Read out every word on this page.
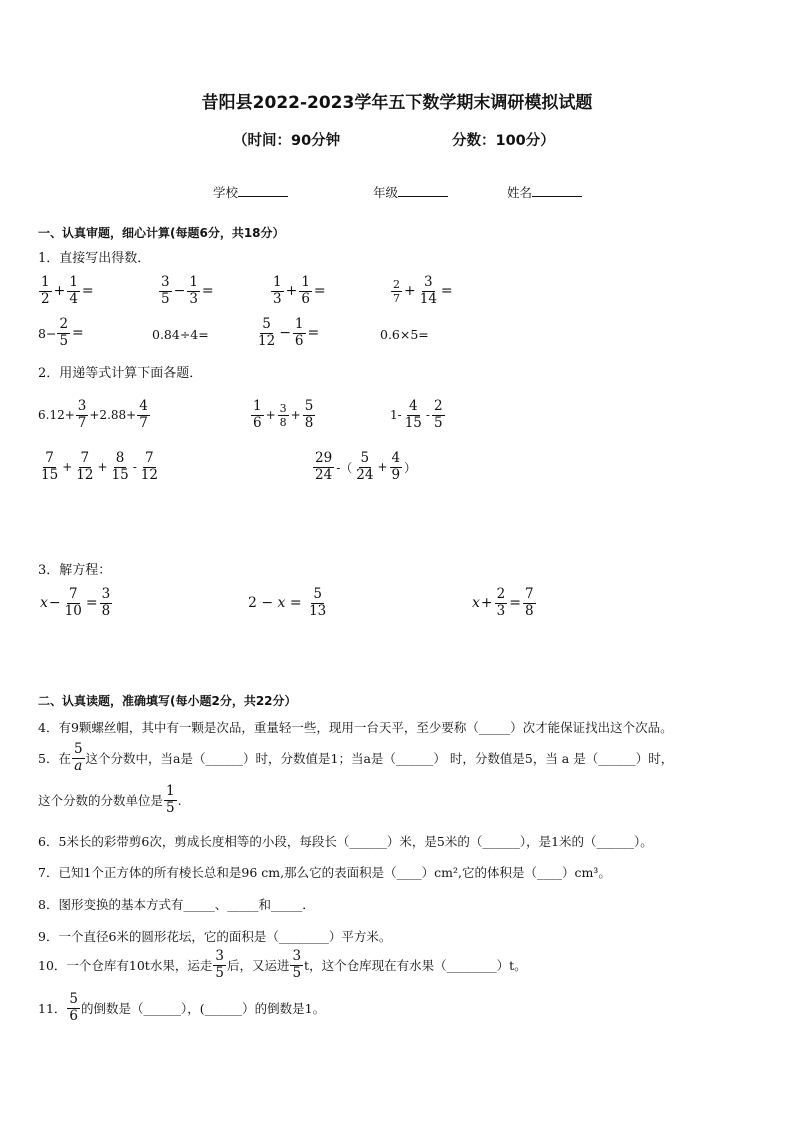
昔阳县2022-2023学年五下数学期末调研模拟试题
（时间：90分钟	分数：100分）
学校	年级	姓名
一、认真审题，细心计算(每题6分，共18分）
1．直接写出得数．
$\frac{1}{2} + \frac{1}{4}$ =	$\frac{3}{5} - \frac{1}{3}$ =	$\frac{1}{3} + \frac{1}{6}$ =	$\frac{2}{7} + \frac{3}{14}$ =
$8- \frac{2}{5}$ =	0.84÷4=	$\frac{5}{12} - \frac{1}{6}$ =	0.6×5=
2．用递等式计算下面各题．
$6.12+ \frac{3}{7} +2.88+ \frac{4}{7}$	$\frac{1}{6} + \frac{3}{8} + \frac{5}{8}$	$1- \frac{4}{15} - \frac{2}{5}$
$\frac{7}{15} + \frac{7}{12} + \frac{8}{15} - \frac{7}{12}$	$\frac{29}{24}$ -（ $\frac{5}{24} + \frac{4}{9}$ ）
3．解方程：
$x - \frac{7}{10} = \frac{3}{8}$	$2 - x = \frac{5}{13}$	$x + \frac{2}{3} = \frac{7}{8}$
二、认真读题，准确填写(每小题2分，共22分）
4．有9颗螺丝帽，其中有一颗是次品，重量轻一些，现用一台天平，至少要称（_____）次才能保证找出这个次品。
5．在 $\frac{5}{a}$ 这个分数中，当a是（______）时，分数值是1；当a是（______） 时，分数值是5，当 a 是（______）时，
这个分数的分数单位是 $\frac{1}{5}$ .
6．5米长的彩带剪6次，剪成长度相等的小段，每段长（______）米，是5米的（______），是1米的（______）。
7．已知1个正方体的所有棱长总和是96 cm,那么它的表面积是（____）cm²,它的体积是（____）cm³。
8．图形变换的基本方式有_____、_____和_____．
9．一个直径6米的圆形花坛，它的面积是（________）平方米。
10．一个仓库有10t水果，运走 $\frac{3}{5}$ 后，又运进 $\frac{3}{5}$ t，这个仓库现在有水果（________）t。
11． $\frac{5}{6}$ 的倒数是（______），(______）的倒数是1。
